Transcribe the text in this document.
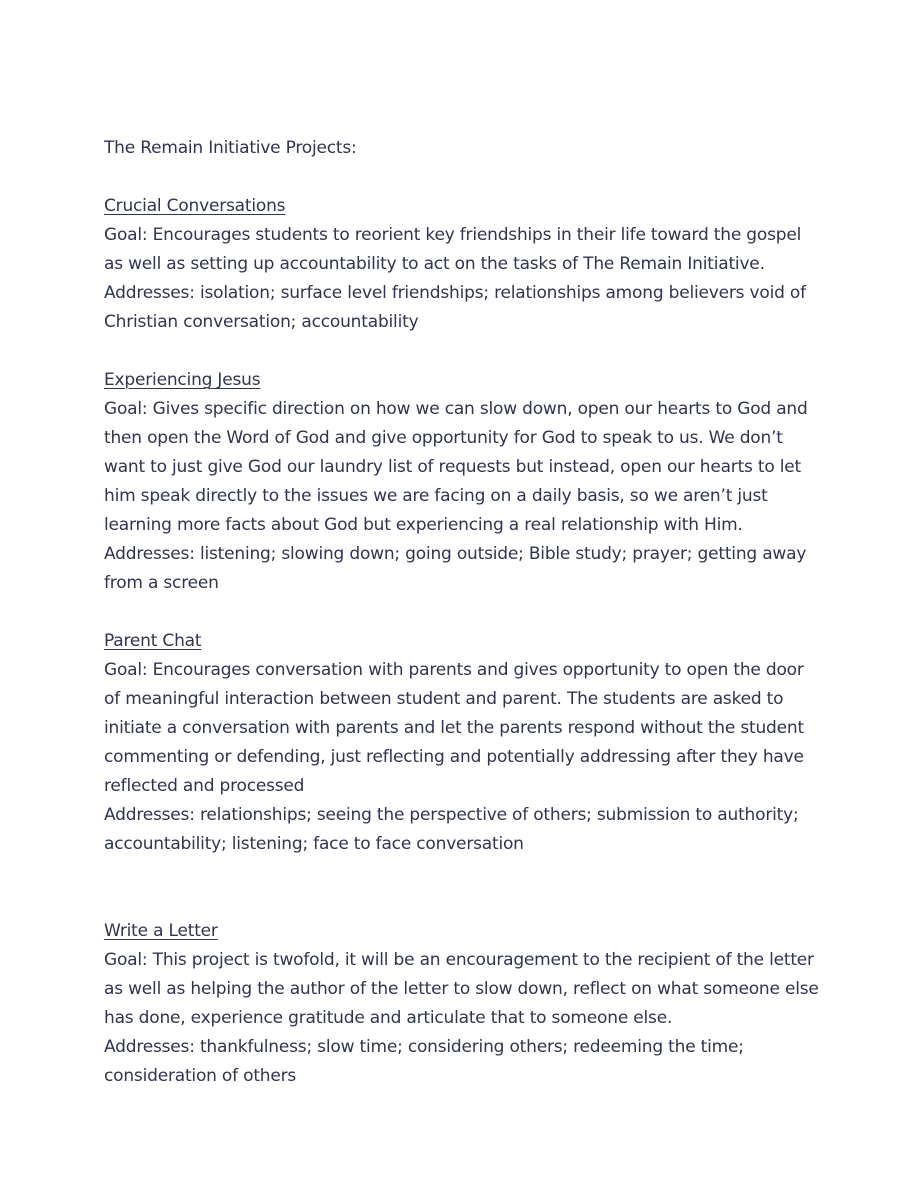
The Remain Initiative Projects:
Crucial Conversations

Goal: Encourages students to reorient key friendships in their life toward the gospel as well as setting up accountability to act on the tasks of The Remain Initiative.

Addresses: isolation; surface level friendships; relationships among believers void of Christian conversation; accountability

Experiencing Jesus

Goal: Gives specific direction on how we can slow down, open our hearts to God and then open the Word of God and give opportunity for God to speak to us. We don’t want to just give God our laundry list of requests but instead, open our hearts to let him speak directly to the issues we are facing on a daily basis, so we aren’t just learning more facts about God but experiencing a real relationship with Him.

Addresses: listening; slowing down; going outside; Bible study; prayer; getting away from a screen

Parent Chat

Goal: Encourages conversation with parents and gives opportunity to open the door of meaningful interaction between student and parent. The students are asked to initiate a conversation with parents and let the parents respond without the student commenting or defending, just reflecting and potentially addressing after they have reflected and processed

Addresses: relationships; seeing the perspective of others; submission to authority; accountability; listening; face to face conversation

Write a Letter

Goal: This project is twofold, it will be an encouragement to the recipient of the letter as well as helping the author of the letter to slow down, reflect on what someone else has done, experience gratitude and articulate that to someone else.

Addresses: thankfulness; slow time; considering others; redeeming the time; consideration of others
